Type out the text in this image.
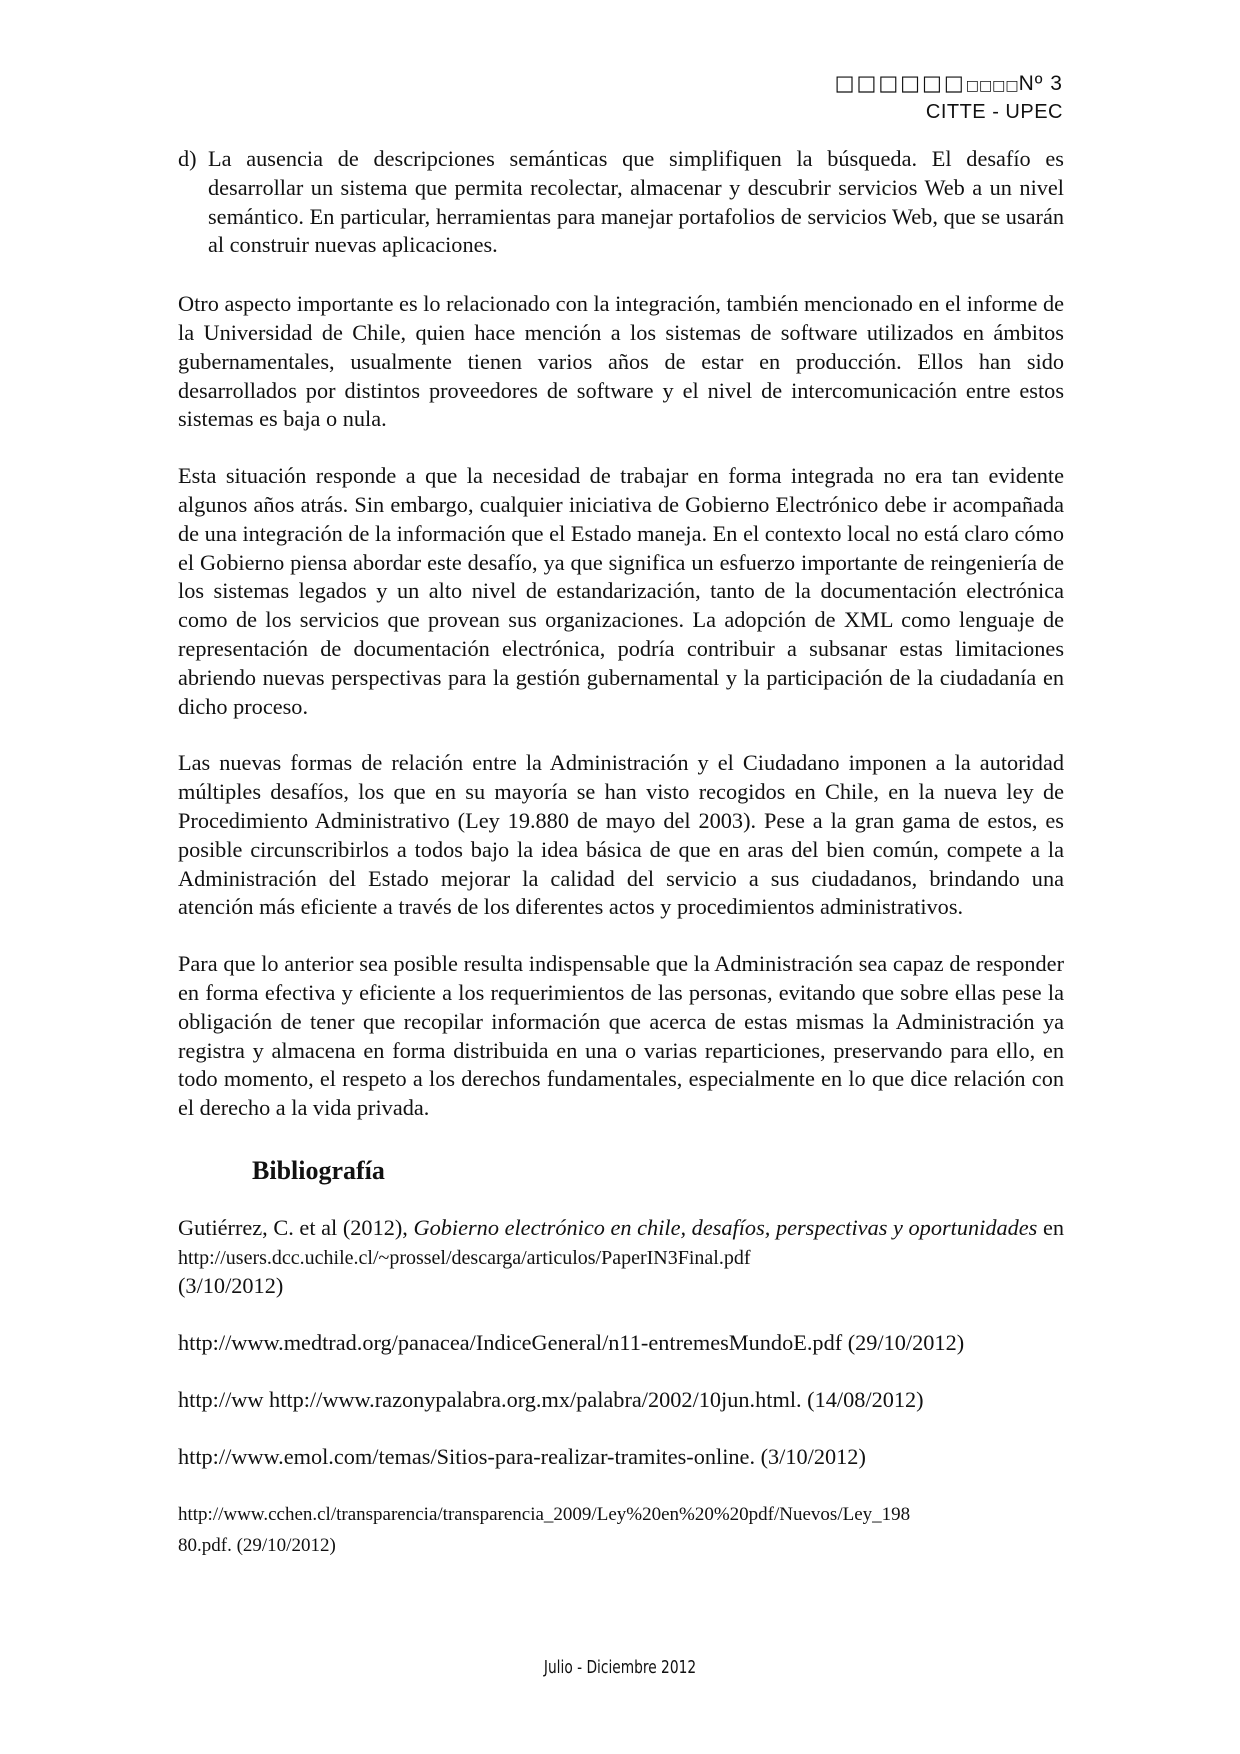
□□□□□□□□□□Nº 3
CITTE - UPEC
d) La ausencia de descripciones semánticas que simplifiquen la búsqueda. El desafío es desarrollar un sistema que permita recolectar, almacenar y descubrir servicios Web a un nivel semántico. En particular, herramientas para manejar portafolios de servicios Web, que se usarán al construir nuevas aplicaciones.

Otro aspecto importante es lo relacionado con la integración, también mencionado en el informe de la Universidad de Chile, quien hace mención a los sistemas de software utilizados en ámbitos gubernamentales, usualmente tienen varios años de estar en producción. Ellos han sido desarrollados por distintos proveedores de software y el nivel de intercomunicación entre estos sistemas es baja o nula.

Esta situación responde a que la necesidad de trabajar en forma integrada no era tan evidente algunos años atrás. Sin embargo, cualquier iniciativa de Gobierno Electrónico debe ir acompañada de una integración de la información que el Estado maneja. En el contexto local no está claro cómo el Gobierno piensa abordar este desafío, ya que significa un esfuerzo importante de reingeniería de los sistemas legados y un alto nivel de estandarización, tanto de la documentación electrónica como de los servicios que provean sus organizaciones. La adopción de XML como lenguaje de representación de documentación electrónica, podría contribuir a subsanar estas limitaciones abriendo nuevas perspectivas para la gestión gubernamental y la participación de la ciudadanía en dicho proceso.

Las nuevas formas de relación entre la Administración y el Ciudadano imponen a la autoridad múltiples desafíos, los que en su mayoría se han visto recogidos en Chile, en la nueva ley de Procedimiento Administrativo (Ley 19.880 de mayo del 2003). Pese a la gran gama de estos, es posible circunscribirlos a todos bajo la idea básica de que en aras del bien común, compete a la Administración del Estado mejorar la calidad del servicio a sus ciudadanos, brindando una atención más eficiente a través de los diferentes actos y procedimientos administrativos.

Para que lo anterior sea posible resulta indispensable que la Administración sea capaz de responder en forma efectiva y eficiente a los requerimientos de las personas, evitando que sobre ellas pese la obligación de tener que recopilar información que acerca de estas mismas la Administración ya registra y almacena en forma distribuida en una o varias reparticiones, preservando para ello, en todo momento, el respeto a los derechos fundamentales, especialmente en lo que dice relación con el derecho a la vida privada.

Bibliografía

Gutiérrez, C. et al (2012), Gobierno electrónico en chile, desafíos, perspectivas y oportunidades en http://users.dcc.uchile.cl/~prossel/descarga/articulos/PaperIN3Final.pdf
(3/10/2012)

http://www.medtrad.org/panacea/IndiceGeneral/n11-entremesMundoE.pdf (29/10/2012)

http://ww http://www.razonypalabra.org.mx/palabra/2002/10jun.html. (14/08/2012)

http://www.emol.com/temas/Sitios-para-realizar-tramites-online. (3/10/2012)

http://www.cchen.cl/transparencia/transparencia_2009/Ley%20en%20%20pdf/Nuevos/Ley_198
80.pdf. (29/10/2012)

Julio - Diciembre 2012
